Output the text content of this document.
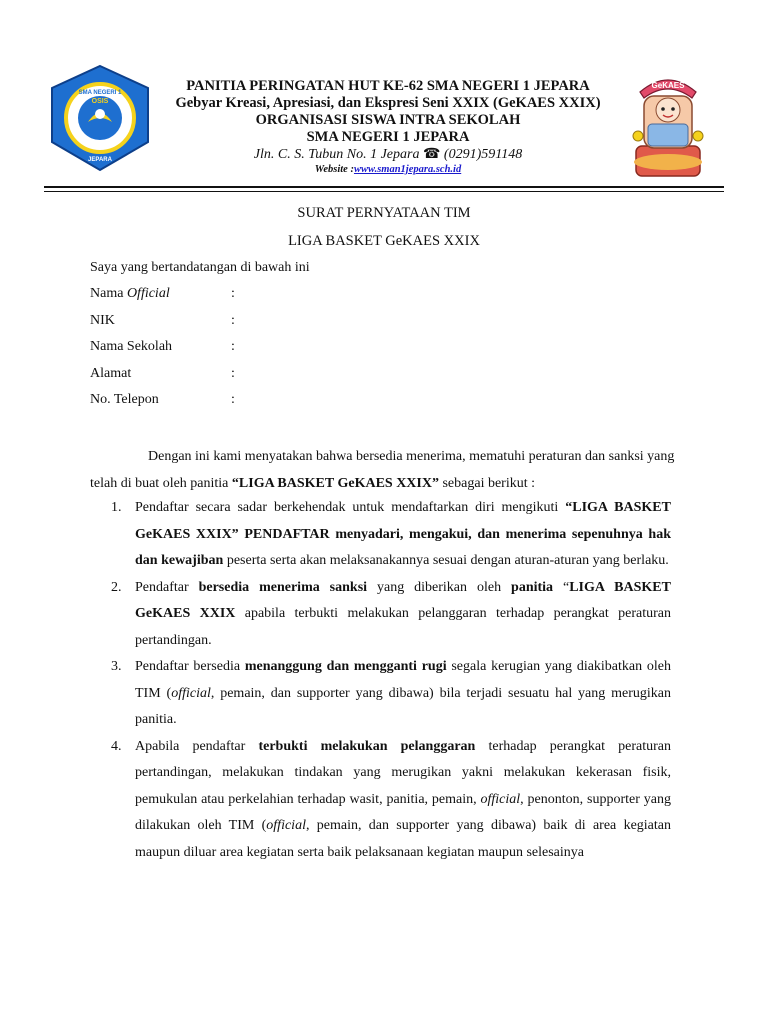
SMA NEGERI 1
OSIS
JEPARA
GeKAES
PANITIA PERINGATAN HUT KE-62 SMA NEGERI 1 JEPARA
Gebyar Kreasi, Apresiasi, dan Ekspresi Seni XXIX (GeKAES XXIX)
ORGANISASI SISWA INTRA SEKOLAH
SMA NEGERI 1 JEPARA
Jln. C. S. Tubun No. 1 Jepara ☎ (0291)591148
Website :www.sman1jepara.sch.id
SURAT PERNYATAAN TIM
LIGA BASKET GeKAES XXIX
Saya yang bertandatangan di bawah ini
Nama Official	:
NIK	:
Nama Sekolah	:
Alamat	:
No. Telepon	:
Dengan ini kami menyatakan bahwa bersedia menerima, mematuhi peraturan dan sanksi yang telah di buat oleh panitia “LIGA BASKET GeKAES XXIX” sebagai berikut :
1. Pendaftar secara sadar berkehendak untuk mendaftarkan diri mengikuti “LIGA BASKET GeKAES XXIX” PENDAFTAR menyadari, mengakui, dan menerima sepenuhnya hak dan kewajiban peserta serta akan melaksanakannya sesuai dengan aturan-aturan yang berlaku.
2. Pendaftar bersedia menerima sanksi yang diberikan oleh panitia “LIGA BASKET GeKAES XXIX apabila terbukti melakukan pelanggaran terhadap perangkat peraturan pertandingan.
3. Pendaftar bersedia menanggung dan mengganti rugi segala kerugian yang diakibatkan oleh TIM (official, pemain, dan supporter yang dibawa) bila terjadi sesuatu hal yang merugikan panitia.
4. Apabila pendaftar terbukti melakukan pelanggaran terhadap perangkat peraturan pertandingan, melakukan tindakan yang merugikan yakni melakukan kekerasan fisik, pemukulan atau perkelahian terhadap wasit, panitia, pemain, official, penonton, supporter yang dilakukan oleh TIM (official, pemain, dan supporter yang dibawa) baik di area kegiatan maupun diluar area kegiatan serta baik pelaksanaan kegiatan maupun selesainya
